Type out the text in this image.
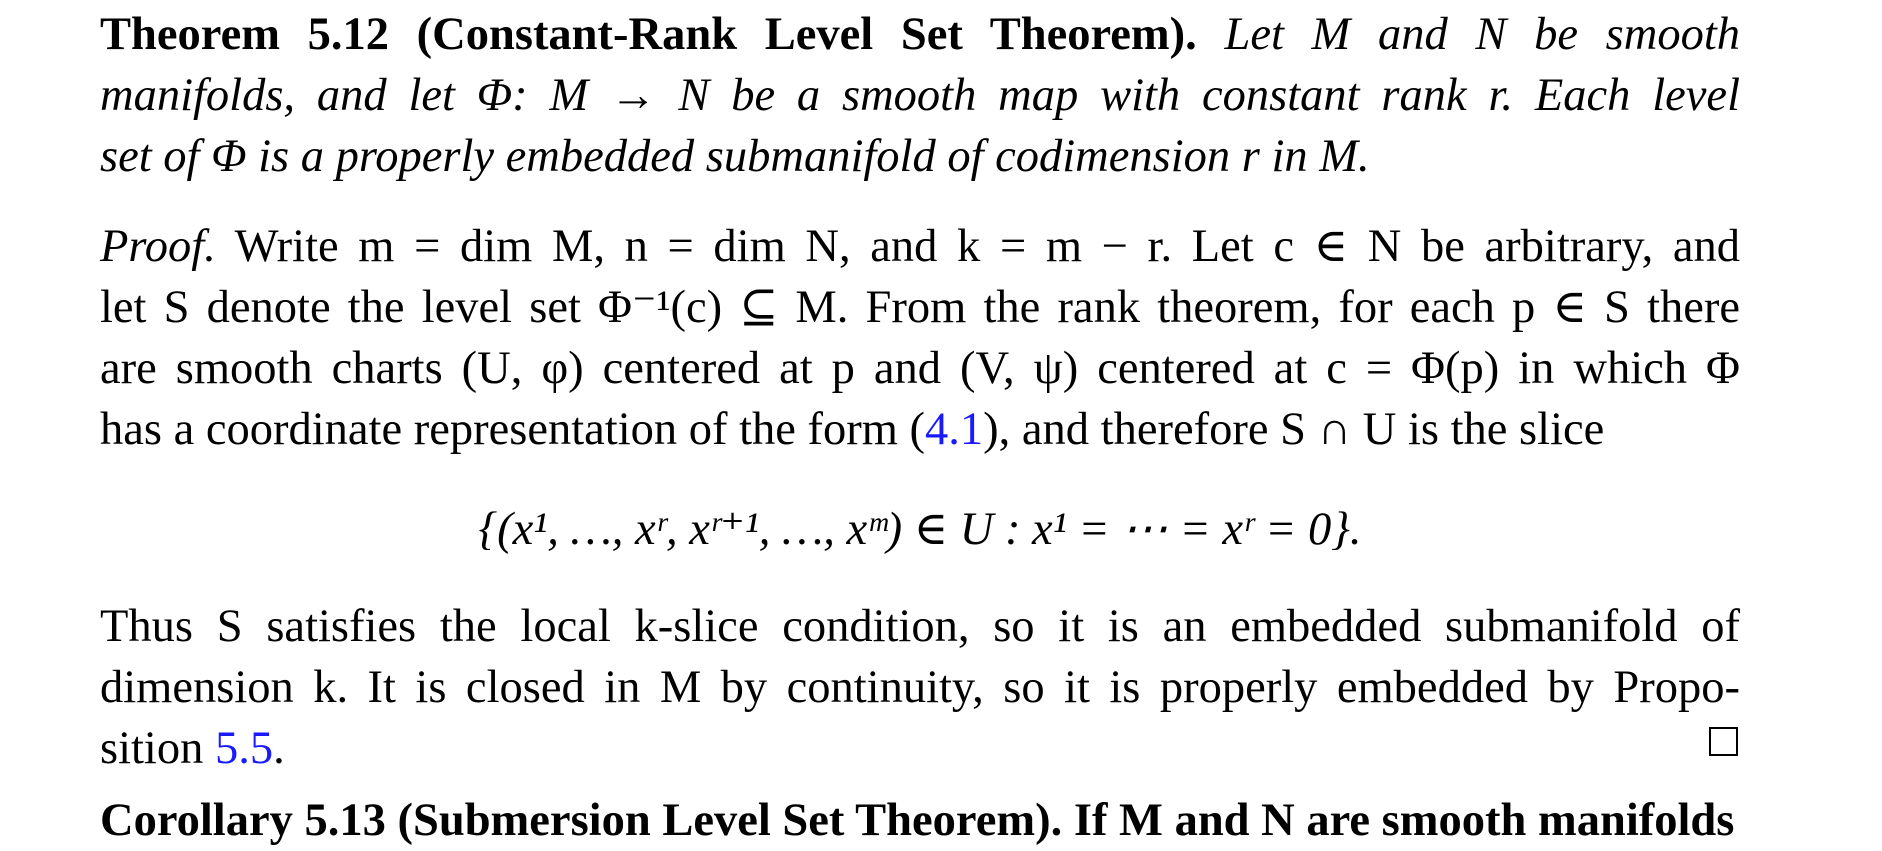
Theorem 5.12 (Constant-Rank Level Set Theorem). Let M and N be smooth
manifolds, and let Φ: M → N be a smooth map with constant rank r. Each level
set of Φ is a properly embedded submanifold of codimension r in M.
Proof. Write m = dim M, n = dim N, and k = m − r. Let c ∈ N be arbitrary, and
let S denote the level set Φ⁻¹(c) ⊆ M. From the rank theorem, for each p ∈ S there
are smooth charts (U, φ) centered at p and (V, ψ) centered at c = Φ(p) in which Φ
has a coordinate representation of the form (4.1), and therefore S ∩ U is the slice
{(x¹, …, xʳ, xʳ⁺¹, …, xᵐ) ∈ U : x¹ = ⋯ = xʳ = 0}.
Thus S satisfies the local k-slice condition, so it is an embedded submanifold of
dimension k. It is closed in M by continuity, so it is properly embedded by Propo-
sition 5.5.
Corollary 5.13 (Submersion Level Set Theorem). If M and N are smooth manifolds
